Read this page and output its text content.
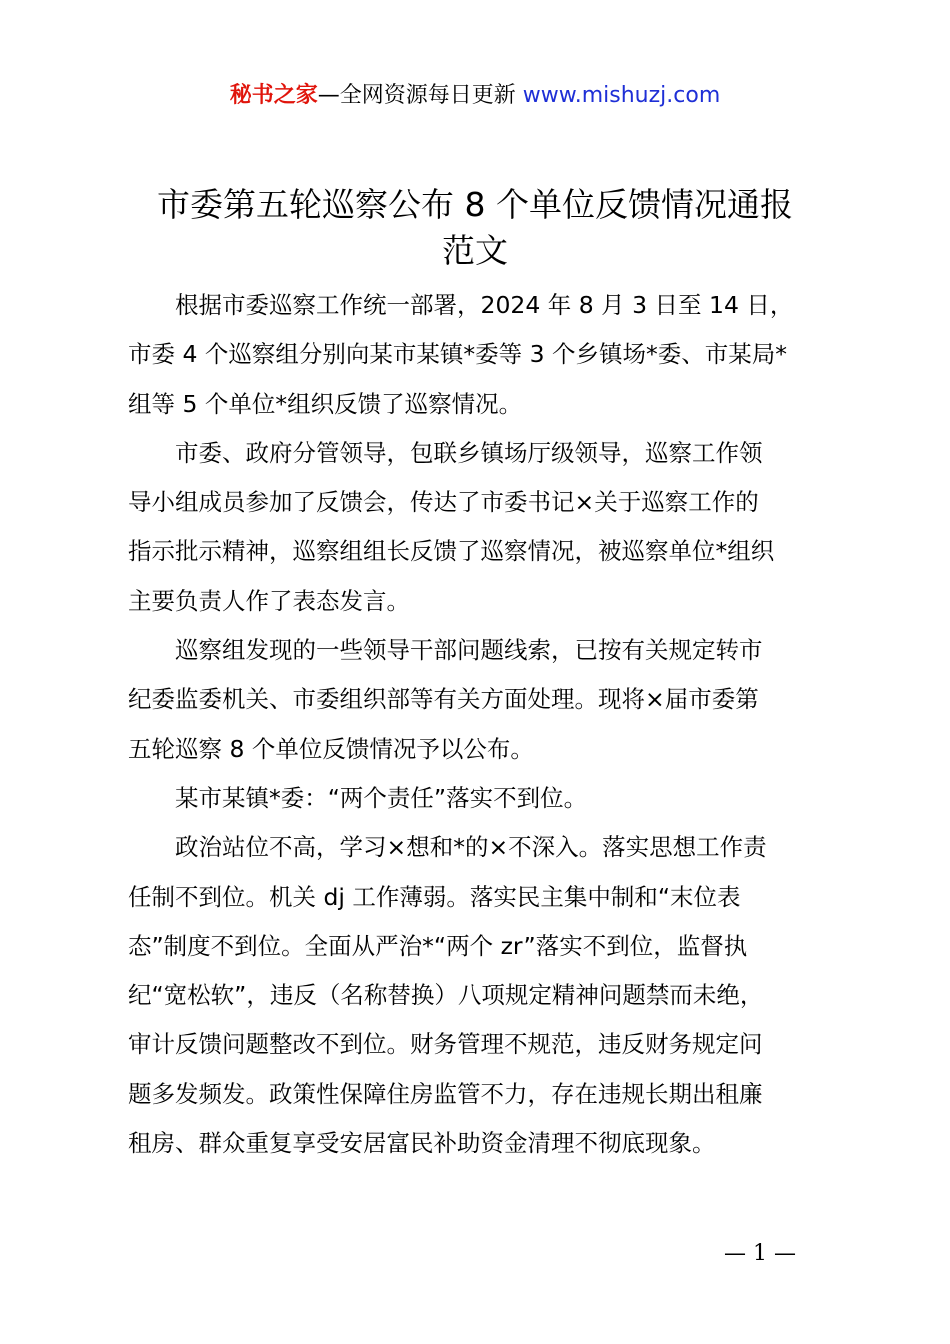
秘书之家—全网资源每日更新 www.mishuzj.com
市委第五轮巡察公布 8 个单位反馈情况通报
范文

根据市委巡察工作统一部署，2024 年 8 月 3 日至 14 日，
市委 4 个巡察组分别向某市某镇*委等 3 个乡镇场*委、市某局*
组等 5 个单位*组织反馈了巡察情况。

市委、政府分管领导，包联乡镇场厅级领导，巡察工作领
导小组成员参加了反馈会，传达了市委书记×关于巡察工作的
指示批示精神，巡察组组长反馈了巡察情况，被巡察单位*组织
主要负责人作了表态发言。

巡察组发现的一些领导干部问题线索，已按有关规定转市
纪委监委机关、市委组织部等有关方面处理。现将×届市委第
五轮巡察 8 个单位反馈情况予以公布。

某市某镇*委：“两个责任”落实不到位。

政治站位不高，学习×想和*的×不深入。落实思想工作责
任制不到位。机关 dj 工作薄弱。落实民主集中制和“末位表
态”制度不到位。全面从严治*“两个 zr”落实不到位，监督执
纪“宽松软”，违反（名称替换）八项规定精神问题禁而未绝，
审计反馈问题整改不到位。财务管理不规范，违反财务规定问
题多发频发。政策性保障住房监管不力，存在违规长期出租廉
租房、群众重复享受安居富民补助资金清理不彻底现象。

— 1 —
